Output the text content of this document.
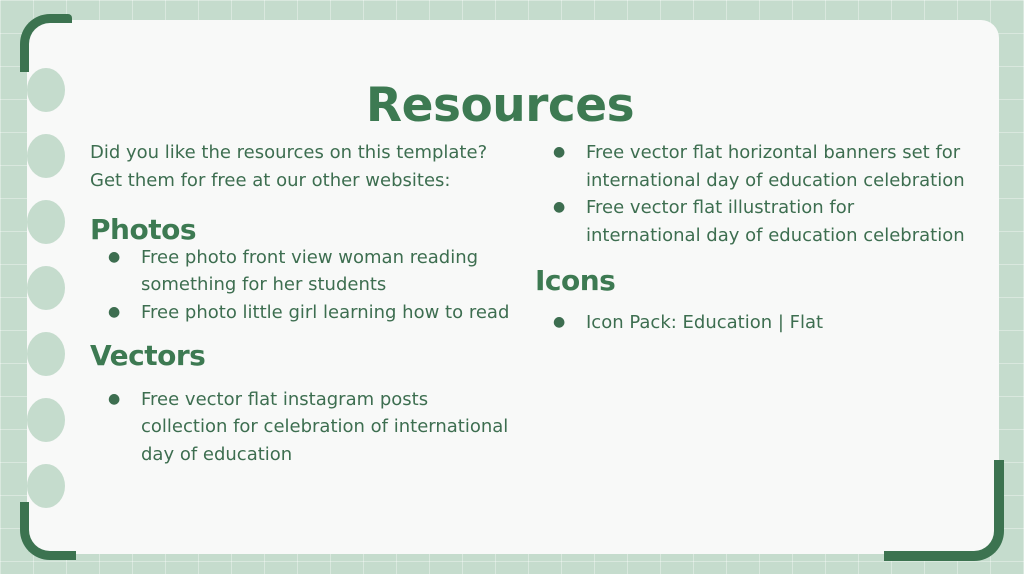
Resources

Did you like the resources on this template? Get them for free at our other websites:

Photos
● Free photo front view woman reading something for her students
● Free photo little girl learning how to read
Vectors
● Free vector flat instagram posts collection for celebration of international day of education
● Free vector flat horizontal banners set for international day of education celebration
● Free vector flat illustration for international day of education celebration
Icons
● Icon Pack: Education | Flat
